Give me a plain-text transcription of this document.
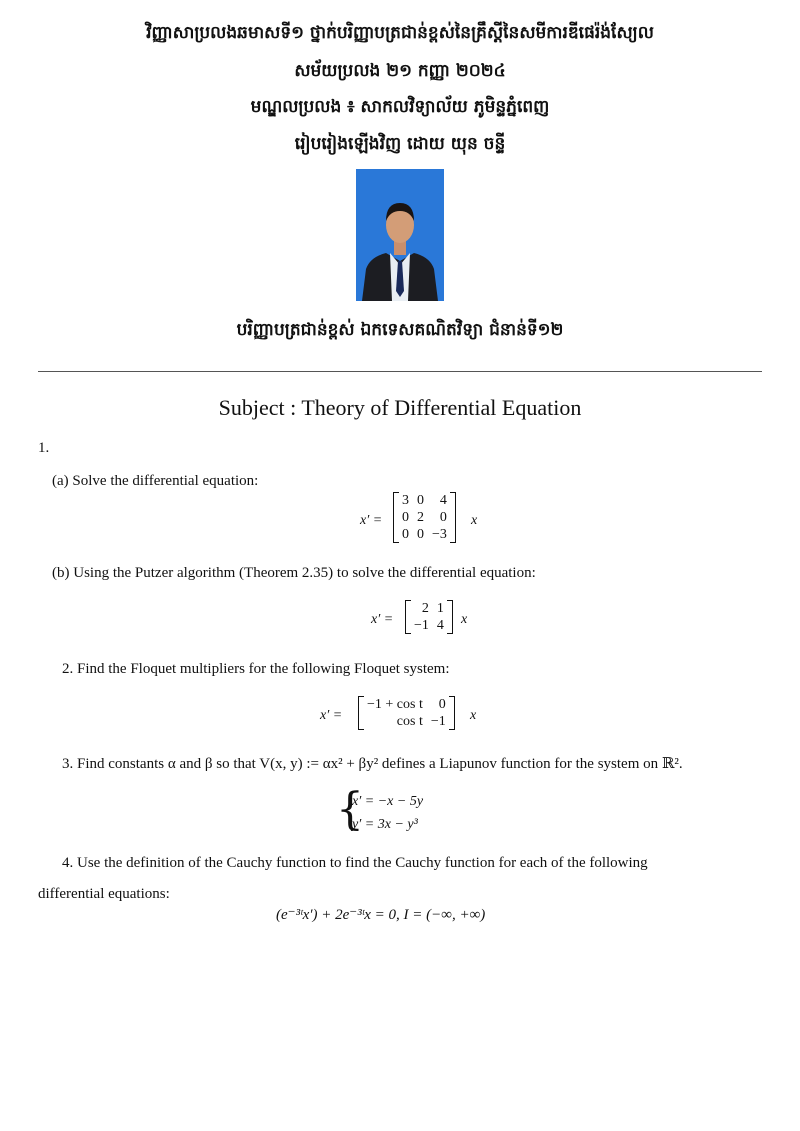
វិញ្ញាសាប្រលងឆមាសទី១ ថ្នាក់បរិញ្ញាបត្រជាន់ខ្ពស់នៃគ្រឹស្តីនៃសមីការឌីផេរ៉ង់ស្យែល
សម័យប្រលង ២១ កញ្ញា ២០២៤
មណ្ឌលប្រលង ៖ សាកលវិទ្យាល័យ ភូមិន្ទភ្នំពេញ
រៀបរៀងឡើងវិញ ដោយ យុន ចន្ទី
បរិញ្ញាបត្រជាន់ខ្ពស់ ឯកទេសគណិតវិទ្យា ជំនាន់ទី១២
Subject : Theory of Differential Equation
1.
(a) Solve the differential equation:
x′ =
3 0	4
0 2	0
0 0 −3
x
(b) Using the Putzer algorithm (Theorem 2.35) to solve the differential equation:
x′ =
2 1
−1 4 x
2. Find the Floquet multipliers for the following Floquet system:
x′ =
−1 + cos t	0
cos t −1 x
3. Find constants α and β so that V(x, y) := αx² + βy² defines a Liapunov function for the system on ℝ².
{
x′ = −x − 5y
y′ = 3x − y³
4. Use the definition of the Cauchy function to find the Cauchy function for each of the following
differential equations:
(e⁻³ᵗx′) + 2e⁻³ᵗx = 0, I = (−∞, +∞)
